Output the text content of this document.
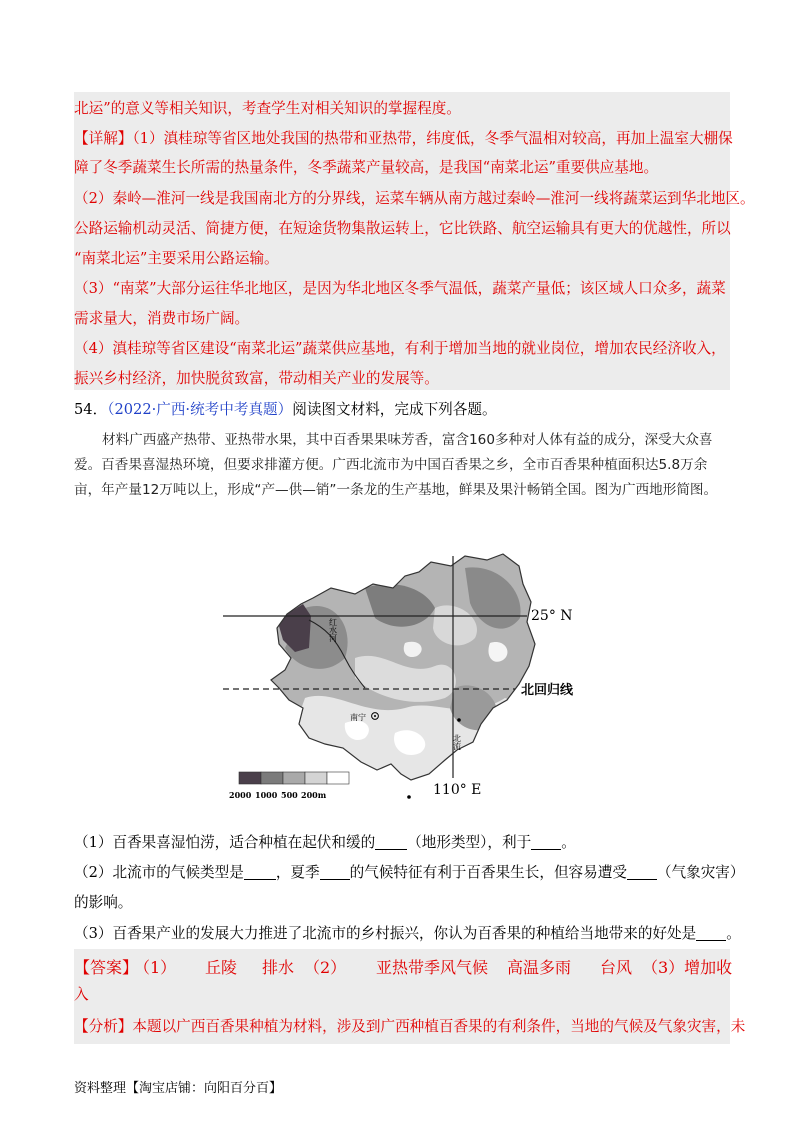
北运”的意义等相关知识，考查学生对相关知识的掌握程度。
【详解】（1）滇桂琼等省区地处我国的热带和亚热带，纬度低，冬季气温相对较高，再加上温室大棚保
障了冬季蔬菜生长所需的热量条件，冬季蔬菜产量较高，是我国“南菜北运”重要供应基地。
（2）秦岭—淮河一线是我国南北方的分界线，运菜车辆从南方越过秦岭—淮河一线将蔬菜运到华北地区。
公路运输机动灵活、简捷方便，在短途货物集散运转上，它比铁路、航空运输具有更大的优越性，所以
“南菜北运”主要采用公路运输。
（3）“南菜”大部分运往华北地区，是因为华北地区冬季气温低，蔬菜产量低；该区域人口众多，蔬菜
需求量大，消费市场广阔。
（4）滇桂琼等省区建设“南菜北运”蔬菜供应基地，有利于增加当地的就业岗位，增加农民经济收入，
振兴乡村经济，加快脱贫致富，带动相关产业的发展等。
54．（2022·广西·统考中考真题）阅读图文材料，完成下列各题。

材料广西盛产热带、亚热带水果，其中百香果果味芳香，富含160多种对人体有益的成分，深受大众喜爱。百香果喜湿热环境，但要求排灌方便。广西北流市为中国百香果之乡，全市百香果种植面积达5.8万余亩，年产量12万吨以上，形成“产—供—销”一条龙的生产基地，鲜果及果汁畅销全国。图为广西地形简图。

25° N
北回归线
110° E
南宁
北流
红水河
2000 1000 500 200m
（1）百香果喜湿怕涝，适合种植在起伏和缓的 （地形类型），利于 。
（2）北流市的气候类型是 ，夏季 的气候特征有利于百香果生长，但容易遭受 （气象灾害）
的影响。
（3）百香果产业的发展大力推进了北流市的乡村振兴，你认为百香果的种植给当地带来的好处是 。
【答案】
（1） 丘陵 排水 （2） 亚热带季风气候 高温多雨 台风 （3）增加收
入
【分析】本题以广西百香果种植为材料，涉及到广西种植百香果的有利条件，当地的气候及气象灾害，未
资料整理【淘宝店铺：向阳百分百】
